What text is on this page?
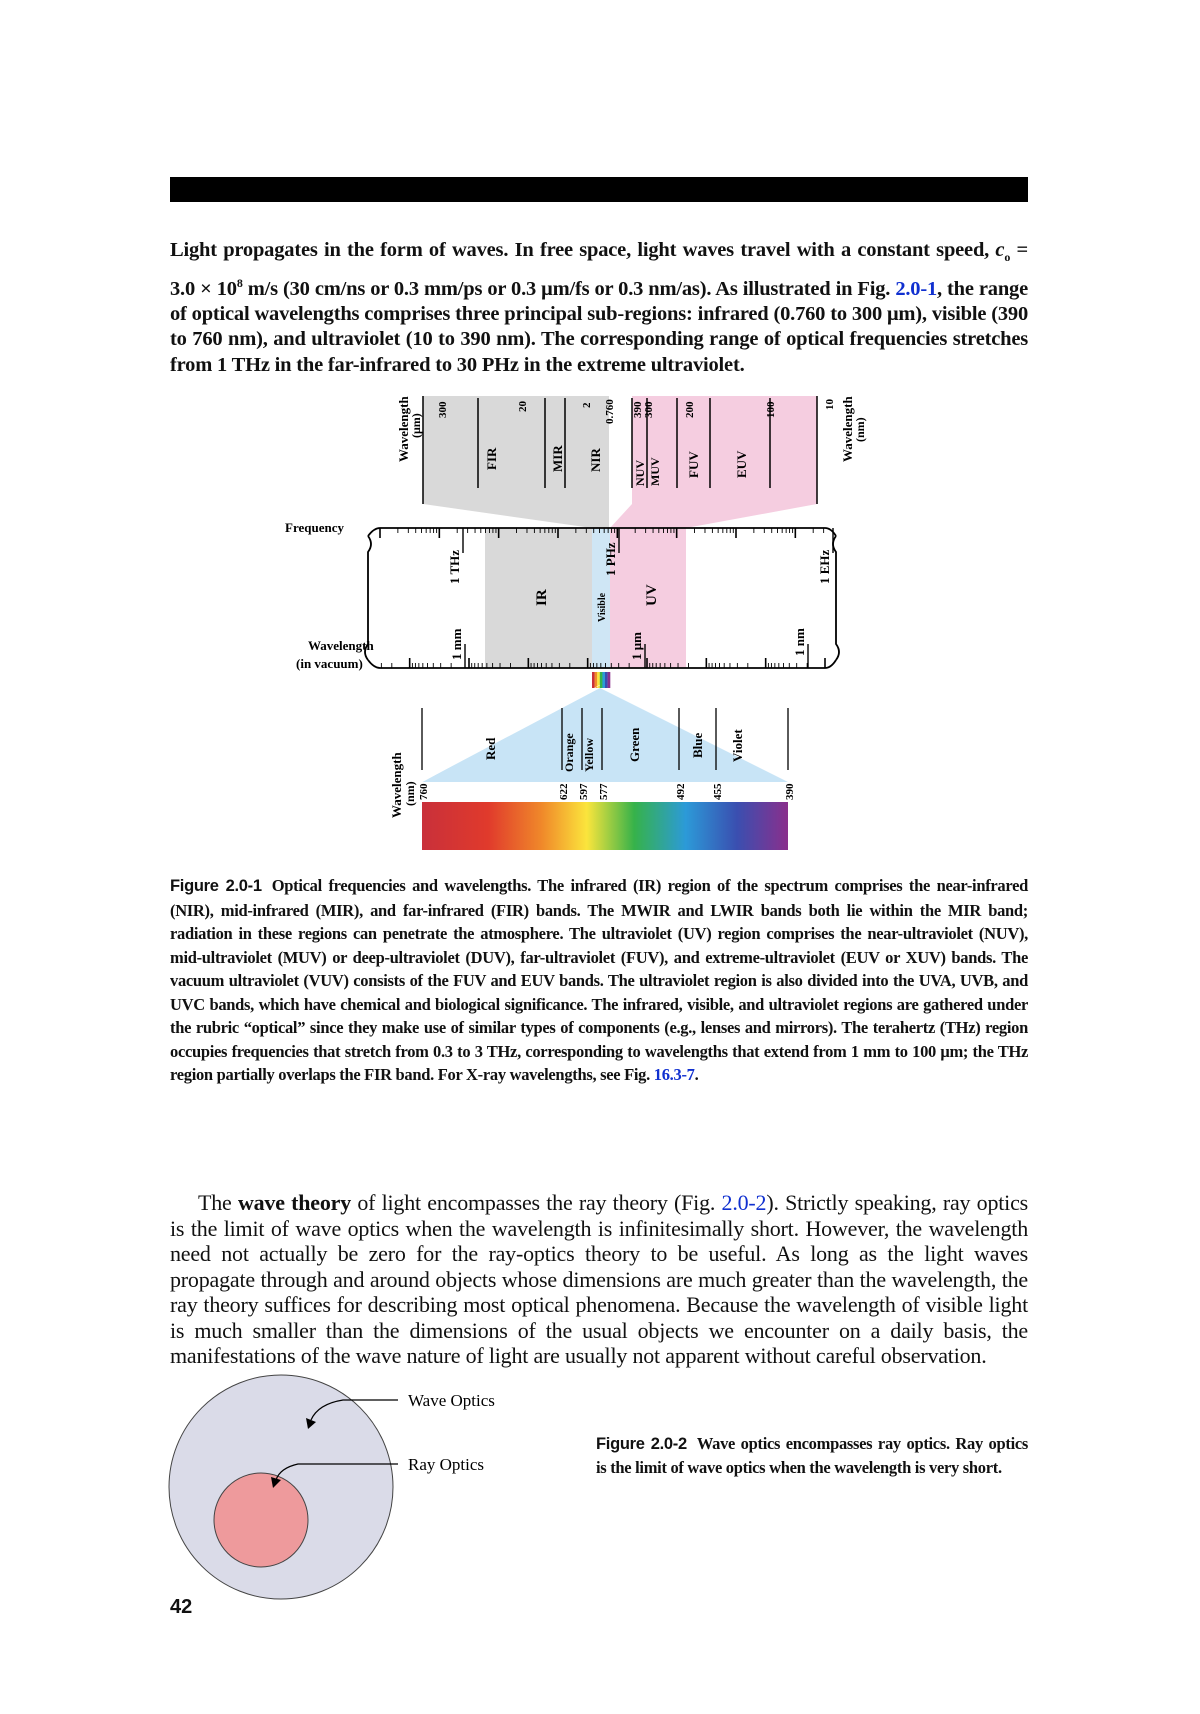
Light propagates in the form of waves. In free space, light waves travel with a constant speed, $c_o = 3.0 \times 10^8$ m/s (30 cm/ns or 0.3 mm/ps or 0.3 μm/fs or 0.3 nm/as). As illustrated in Fig. 2.0-1, the range of optical wavelengths comprises three principal sub-regions: infrared (0.760 to 300 μm), visible (390 to 760 nm), and ultraviolet (10 to 390 nm). The corresponding range of optical frequencies stretches from 1 THz in the far-infrared to 30 PHz in the extreme ultraviolet.

Wavelength
(μm)
300	20	2 0.760
FIR	MIR NIR
390 300	200	100	10
NUV MUV FUV	EUV
Wavelength
(nm)
Frequency
Wavelength
(in vacuum)
1 THz	1 PHz	1 EHz
1 mm	1 μm	1 nm
IR	Visible UV
Wavelength (nm)
Red	Orange Yellow Green	Blue Violet
760	622 597 577	492 455	390

Figure 2.0-1 Optical frequencies and wavelengths. The infrared (IR) region of the spectrum comprises the near-infrared (NIR), mid-infrared (MIR), and far-infrared (FIR) bands. The MWIR and LWIR bands both lie within the MIR band; radiation in these regions can penetrate the atmosphere. The ultraviolet (UV) region comprises the near-ultraviolet (NUV), mid-ultraviolet (MUV) or deep-ultraviolet (DUV), far-ultraviolet (FUV), and extreme-ultraviolet (EUV or XUV) bands. The vacuum ultraviolet (VUV) consists of the FUV and EUV bands. The ultraviolet region is also divided into the UVA, UVB, and UVC bands, which have chemical and biological significance. The infrared, visible, and ultraviolet regions are gathered under the rubric “optical” since they make use of similar types of components (e.g., lenses and mirrors). The terahertz (THz) region occupies frequencies that stretch from 0.3 to 3 THz, corresponding to wavelengths that extend from 1 mm to 100 μm; the THz region partially overlaps the FIR band. For X-ray wavelengths, see Fig. 16.3-7.

The wave theory of light encompasses the ray theory (Fig. 2.0-2). Strictly speaking, ray optics is the limit of wave optics when the wavelength is infinitesimally short. However, the wavelength need not actually be zero for the ray-optics theory to be useful. As long as the light waves propagate through and around objects whose dimensions are much greater than the wavelength, the ray theory suffices for describing most optical phenomena. Because the wavelength of visible light is much smaller than the dimensions of the usual objects we encounter on a daily basis, the manifestations of the wave nature of light are usually not apparent without careful observation.

Wave Optics
Ray Optics

Figure 2.0-2 Wave optics encompasses ray optics. Ray optics is the limit of wave optics when the wavelength is very short.

42
